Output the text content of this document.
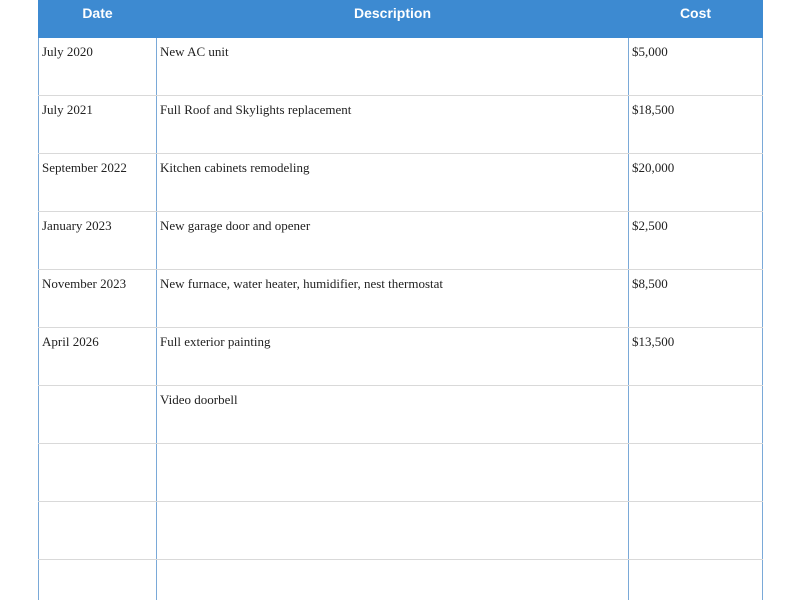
Date	Description	Cost
July 2020	New AC unit	$5,000
July 2021	Full Roof and Skylights replacement	$18,500
September 2022	Kitchen cabinets remodeling	$20,000
January 2023	New garage door and opener	$2,500
November 2023	New furnace, water heater, humidifier, nest thermostat	$8,500
April 2026	Full exterior painting	$13,500
	Video doorbell	
